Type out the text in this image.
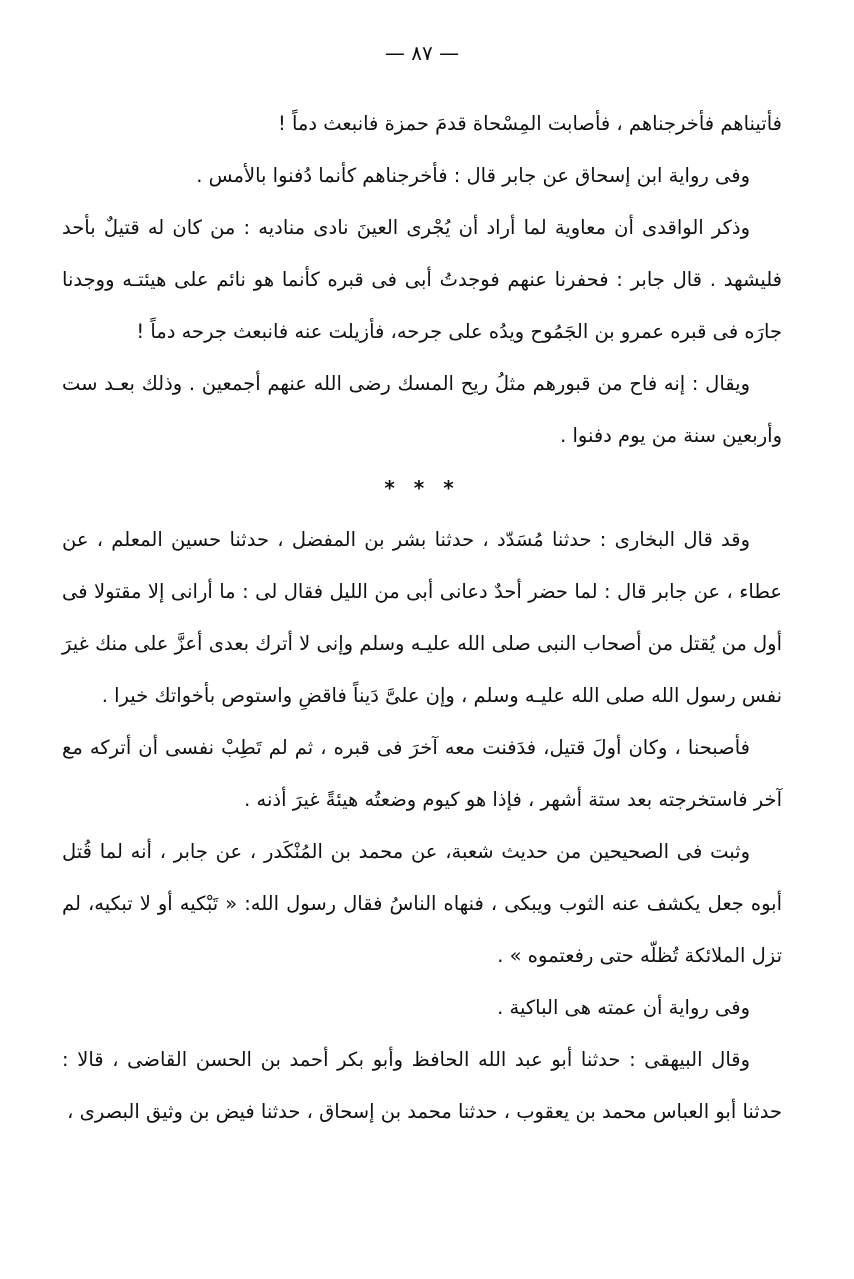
— ٨٧ —

فأتيناهم فأخرجناهم ، فأصابت المِسْحاة قدمَ حمزة فانبعث دماً !

وفى رواية ابن إسحاق عن جابر قال : فأخرجناهم كأنما دُفنوا بالأمس .

وذكر الواقدى أن معاوية لما أراد أن يُجْرى العينَ نادى مناديه : من كان له قتيلٌ بأحد فليشهد . قال جابر : فحفرنا عنهم فوجدتُ أبى فى قبره كأنما هو نائم على هيئتـه ووجدنا جارَه فى قبره عمرو بن الجَمُوح ويدُه على جرحه، فأزيلت عنه فانبعث جرحه دماً !

ويقال : إنه فاح من قبورهم مثلُ ريح المسك رضى الله عنهم أجمعين . وذلك بعـد ست وأربعين سنة من يوم دفنوا .

* * *

وقد قال البخارى : حدثنا مُسَدّد ، حدثنا بشر بن المفضل ، حدثنا حسين المعلم ، عن عطاء ، عن جابر قال : لما حضر أحدٌ دعانى أبى من الليل فقال لى : ما أرانى إلا مقتولا فى أول من يُقتل من أصحاب النبى صلى الله عليـه وسلم وإنى لا أترك بعدى أعزَّ على منك غيرَ نفس رسول الله صلى الله عليـه وسلم ، وإن علىَّ دَيناً فاقضِ واستوص بأخواتك خيرا .

فأصبحنا ، وكان أولَ قتيل، فدَفنت معه آخرَ فى قبره ، ثم لم تَطِبْ نفسى أن أتركه مع آخر فاستخرجته بعد ستة أشهر ، فإذا هو كيوم وضعتُه هيئةً غيرَ أذنه .

وثبت فى الصحيحين من حديث شعبة، عن محمد بن المُنْكَدر ، عن جابر ، أنه لما قُتل أبوه جعل يكشف عنه الثوب ويبكى ، فنهاه الناسُ فقال رسول الله: « تَبْكيه أو لا تبكيه، لم تزل الملائكة تُظلّه حتى رفعتموه » .

وفى رواية أن عمته هى الباكية .

وقال البيهقى : حدثنا أبو عبد الله الحافظ وأبو بكر أحمد بن الحسن القاضى ، قالا : حدثنا أبو العباس محمد بن يعقوب ، حدثنا محمد بن إسحاق ، حدثنا فيض بن وثيق البصرى ،
